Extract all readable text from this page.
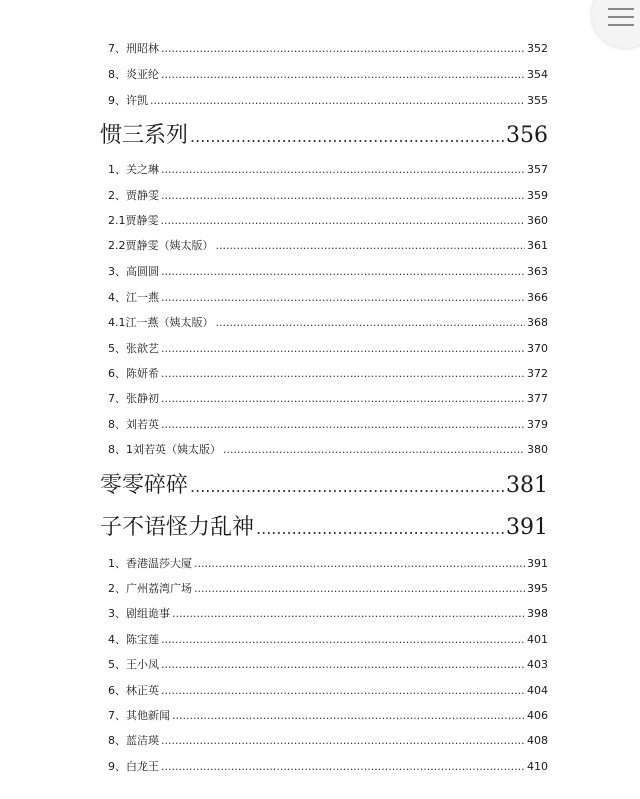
7、刑昭林 .....	352
8、炎亚纶 .....	354
9、许凯 .....	355
惯三系列 .....	356
1、关之琳 .....	357
2、贾静雯 .....	359
2.1贾静雯 .....	360
2.2贾静雯（姨太版） .....	361
3、高圆圆 .....	363
4、江一燕 .....	366
4.1江一燕（姨太版） .....	368
5、张歆艺 .....	370
6、陈妍希 .....	372
7、张静初 .....	377
8、刘若英 .....	379
8、1刘若英（姨太版） .....	380
零零碎碎 .....	381
子不语怪力乱神 .....	391
1、香港温莎大厦 .....	391
2、广州荔湾广场 .....	395
3、剧组诡事 .....	398
4、陈宝莲 .....	401
5、王小凤 .....	403
6、林正英 .....	404
7、其他新闻 .....	406
8、蓝洁瑛 .....	408
9、白龙王 .....	410
